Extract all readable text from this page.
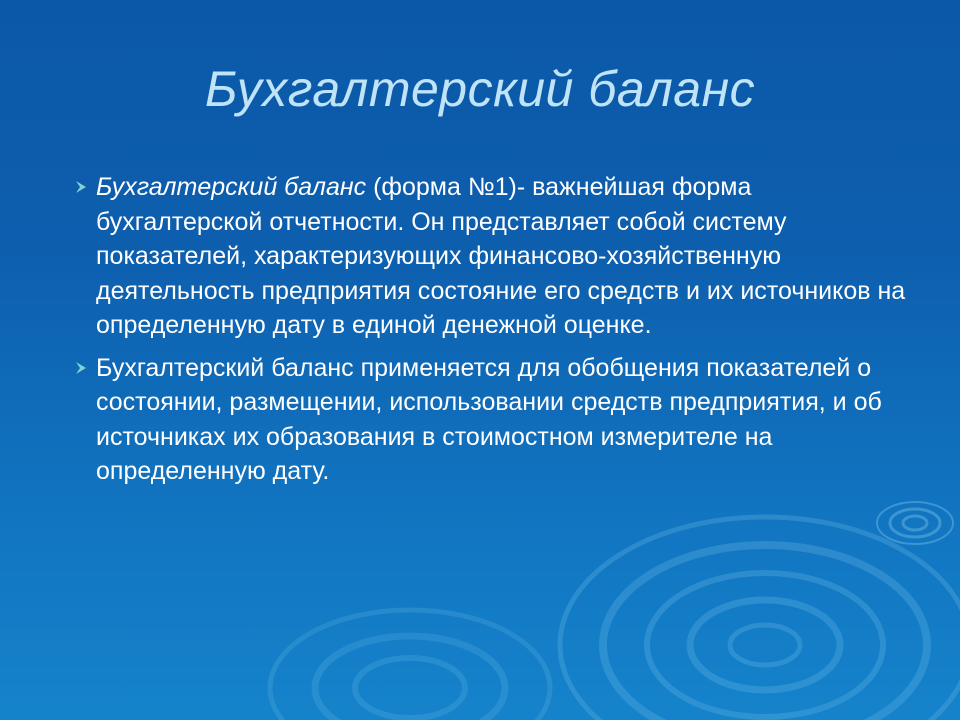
Бухгалтерский баланс
Бухгалтерский баланс (форма №1)- важнейшая форма бухгалтерской отчетности. Он представляет собой систему показателей, характеризующих финансово-хозяйственную деятельность предприятия состояние его средств и их источников на определенную дату в единой денежной оценке.
Бухгалтерский баланс применяется для обобщения показателей о состоянии, размещении, использовании средств предприятия, и об источниках их образования в стоимостном измерителе на определенную дату.
